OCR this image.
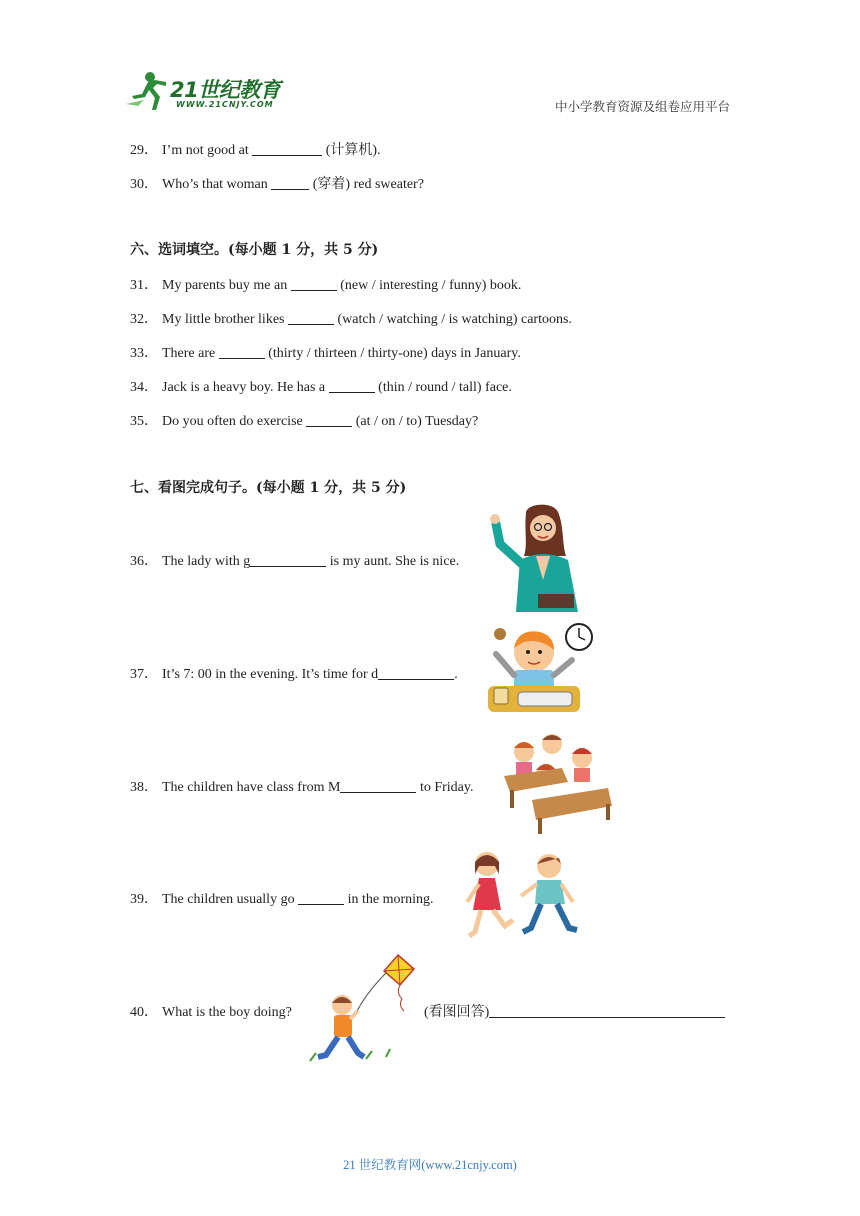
21世纪教育
WWW.21CNJY.COM	中小学教育资源及组卷应用平台
29． I’m not good at	(计算机).
30． Who’s that woman	(穿着) red sweater?
六、选词填空。(每小题 1 分，共 5 分)
31． My parents buy me an	(new / interesting / funny) book.
32． My little brother likes	(watch / watching / is watching) cartoons.
33． There are	(thirty / thirteen / thirty-one) days in January.
34． Jack is a heavy boy. He has a	(thin / round / tall) face.
35． Do you often do exercise	(at / on / to) Tuesday?
七、看图完成句子。(每小题 1 分，共 5 分)
36． The lady with g	is my aunt. She is nice.
37． It’s 7: 00 in the evening. It’s time for d	.
38． The children have class from M	to Friday.
39． The children usually go	in the morning.
40． What is the boy doing?	(看图回答)
21 世纪教育网(www.21cnjy.com)
